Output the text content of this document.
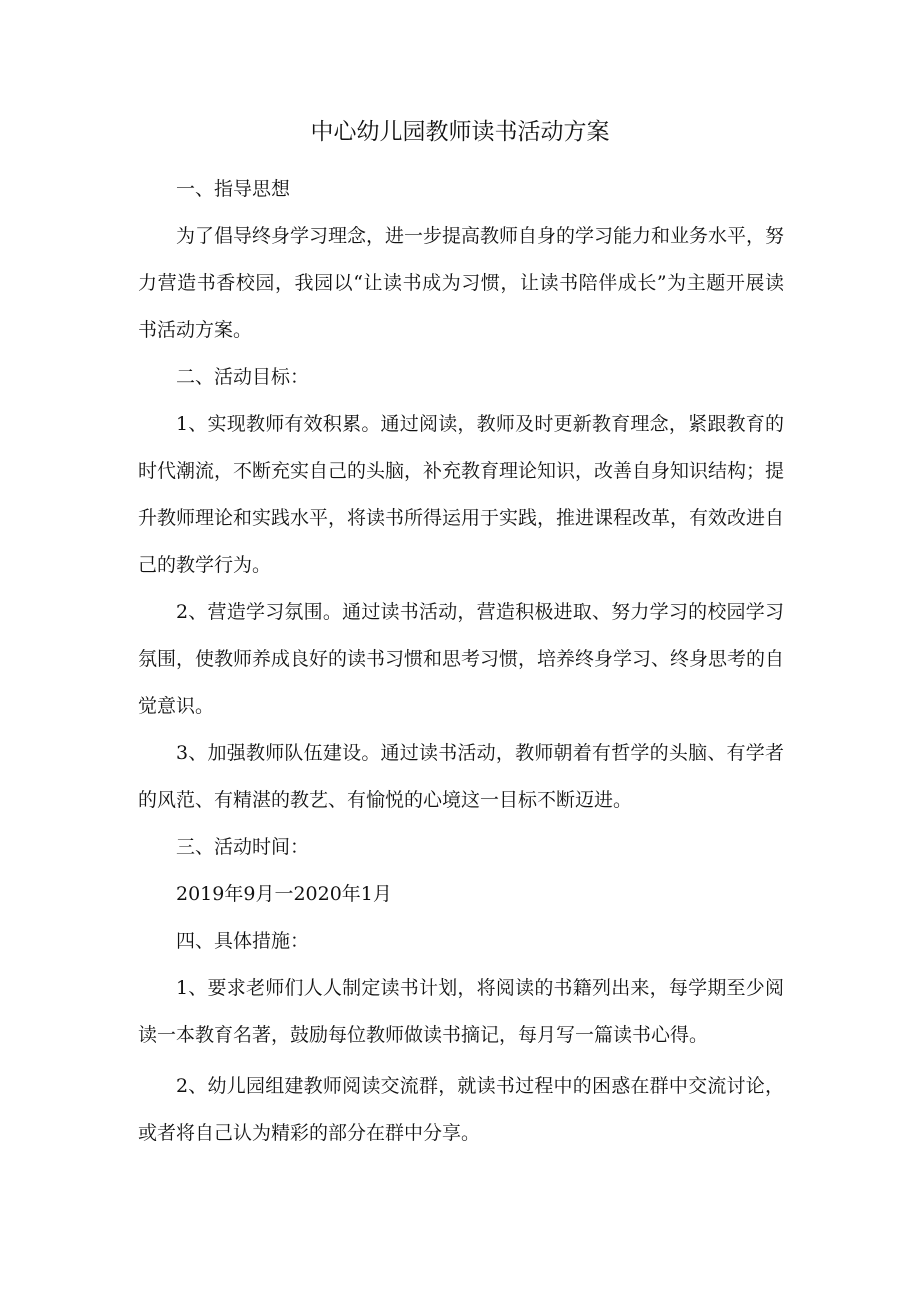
中心幼儿园教师读书活动方案

一、指导思想

为了倡导终身学习理念，进一步提高教师自身的学习能力和业务水平，努力营造书香校园，我园以“让读书成为习惯，让读书陪伴成长”为主题开展读书活动方案。

二、活动目标：

1、实现教师有效积累。通过阅读，教师及时更新教育理念，紧跟教育的时代潮流，不断充实自己的头脑，补充教育理论知识，改善自身知识结构；提升教师理论和实践水平，将读书所得运用于实践，推进课程改革，有效改进自己的教学行为。

2、营造学习氛围。通过读书活动，营造积极进取、努力学习的校园学习氛围，使教师养成良好的读书习惯和思考习惯，培养终身学习、终身思考的自觉意识。

3、加强教师队伍建设。通过读书活动，教师朝着有哲学的头脑、有学者的风范、有精湛的教艺、有愉悦的心境这一目标不断迈进。

三、活动时间：

2019年9月一2020年1月

四、具体措施：

1、要求老师们人人制定读书计划，将阅读的书籍列出来，每学期至少阅读一本教育名著，鼓励每位教师做读书摘记，每月写一篇读书心得。

2、幼儿园组建教师阅读交流群，就读书过程中的困惑在群中交流讨论，或者将自己认为精彩的部分在群中分享。
